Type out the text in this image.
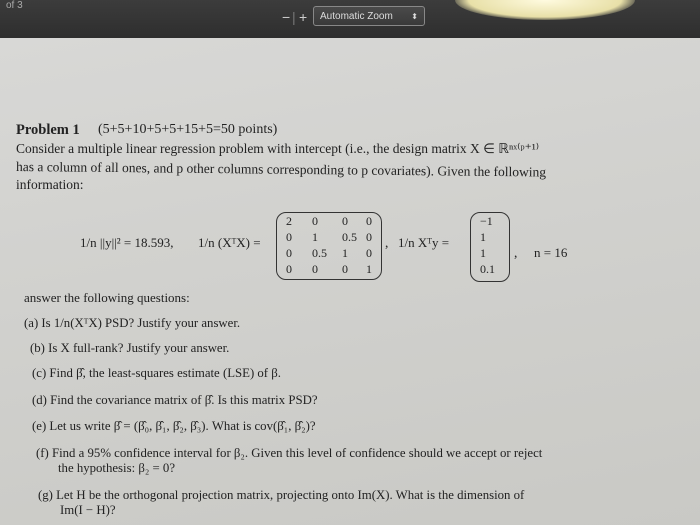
of 3
− | +	Automatic Zoom ⬍
Problem 1 (5+5+10+5+5+15+5=50 points)
Consider a multiple linear regression problem with intercept (i.e., the design matrix X ∈ ℝⁿˣ⁽ᵖ⁺¹⁾
has a column of all ones, and p other columns corresponding to p covariates). Given the following
information:
1/n ||y||² = 18.593, 1/n (XᵀX) =
2 0 0 0
0 1 0.5 0
0 0.5 1 0
0 0 0 1
, 1/n Xᵀy =
−1
1
1
0.1
, n = 16
answer the following questions:
(a) Is 1/n(XᵀX) PSD? Justify your answer.
(b) Is X full-rank? Justify your answer.
(c) Find β̂, the least-squares estimate (LSE) of β.
(d) Find the covariance matrix of β̂. Is this matrix PSD?
(e) Let us write β̂ = (β̂₀, β̂₁, β̂₂, β̂₃). What is cov(β̂₁, β̂₂)?
(f) Find a 95% confidence interval for β₂. Given this level of confidence should we accept or reject
the hypothesis: β₂ = 0?
(g) Let H be the orthogonal projection matrix, projecting onto Im(X). What is the dimension of
Im(I − H)?
